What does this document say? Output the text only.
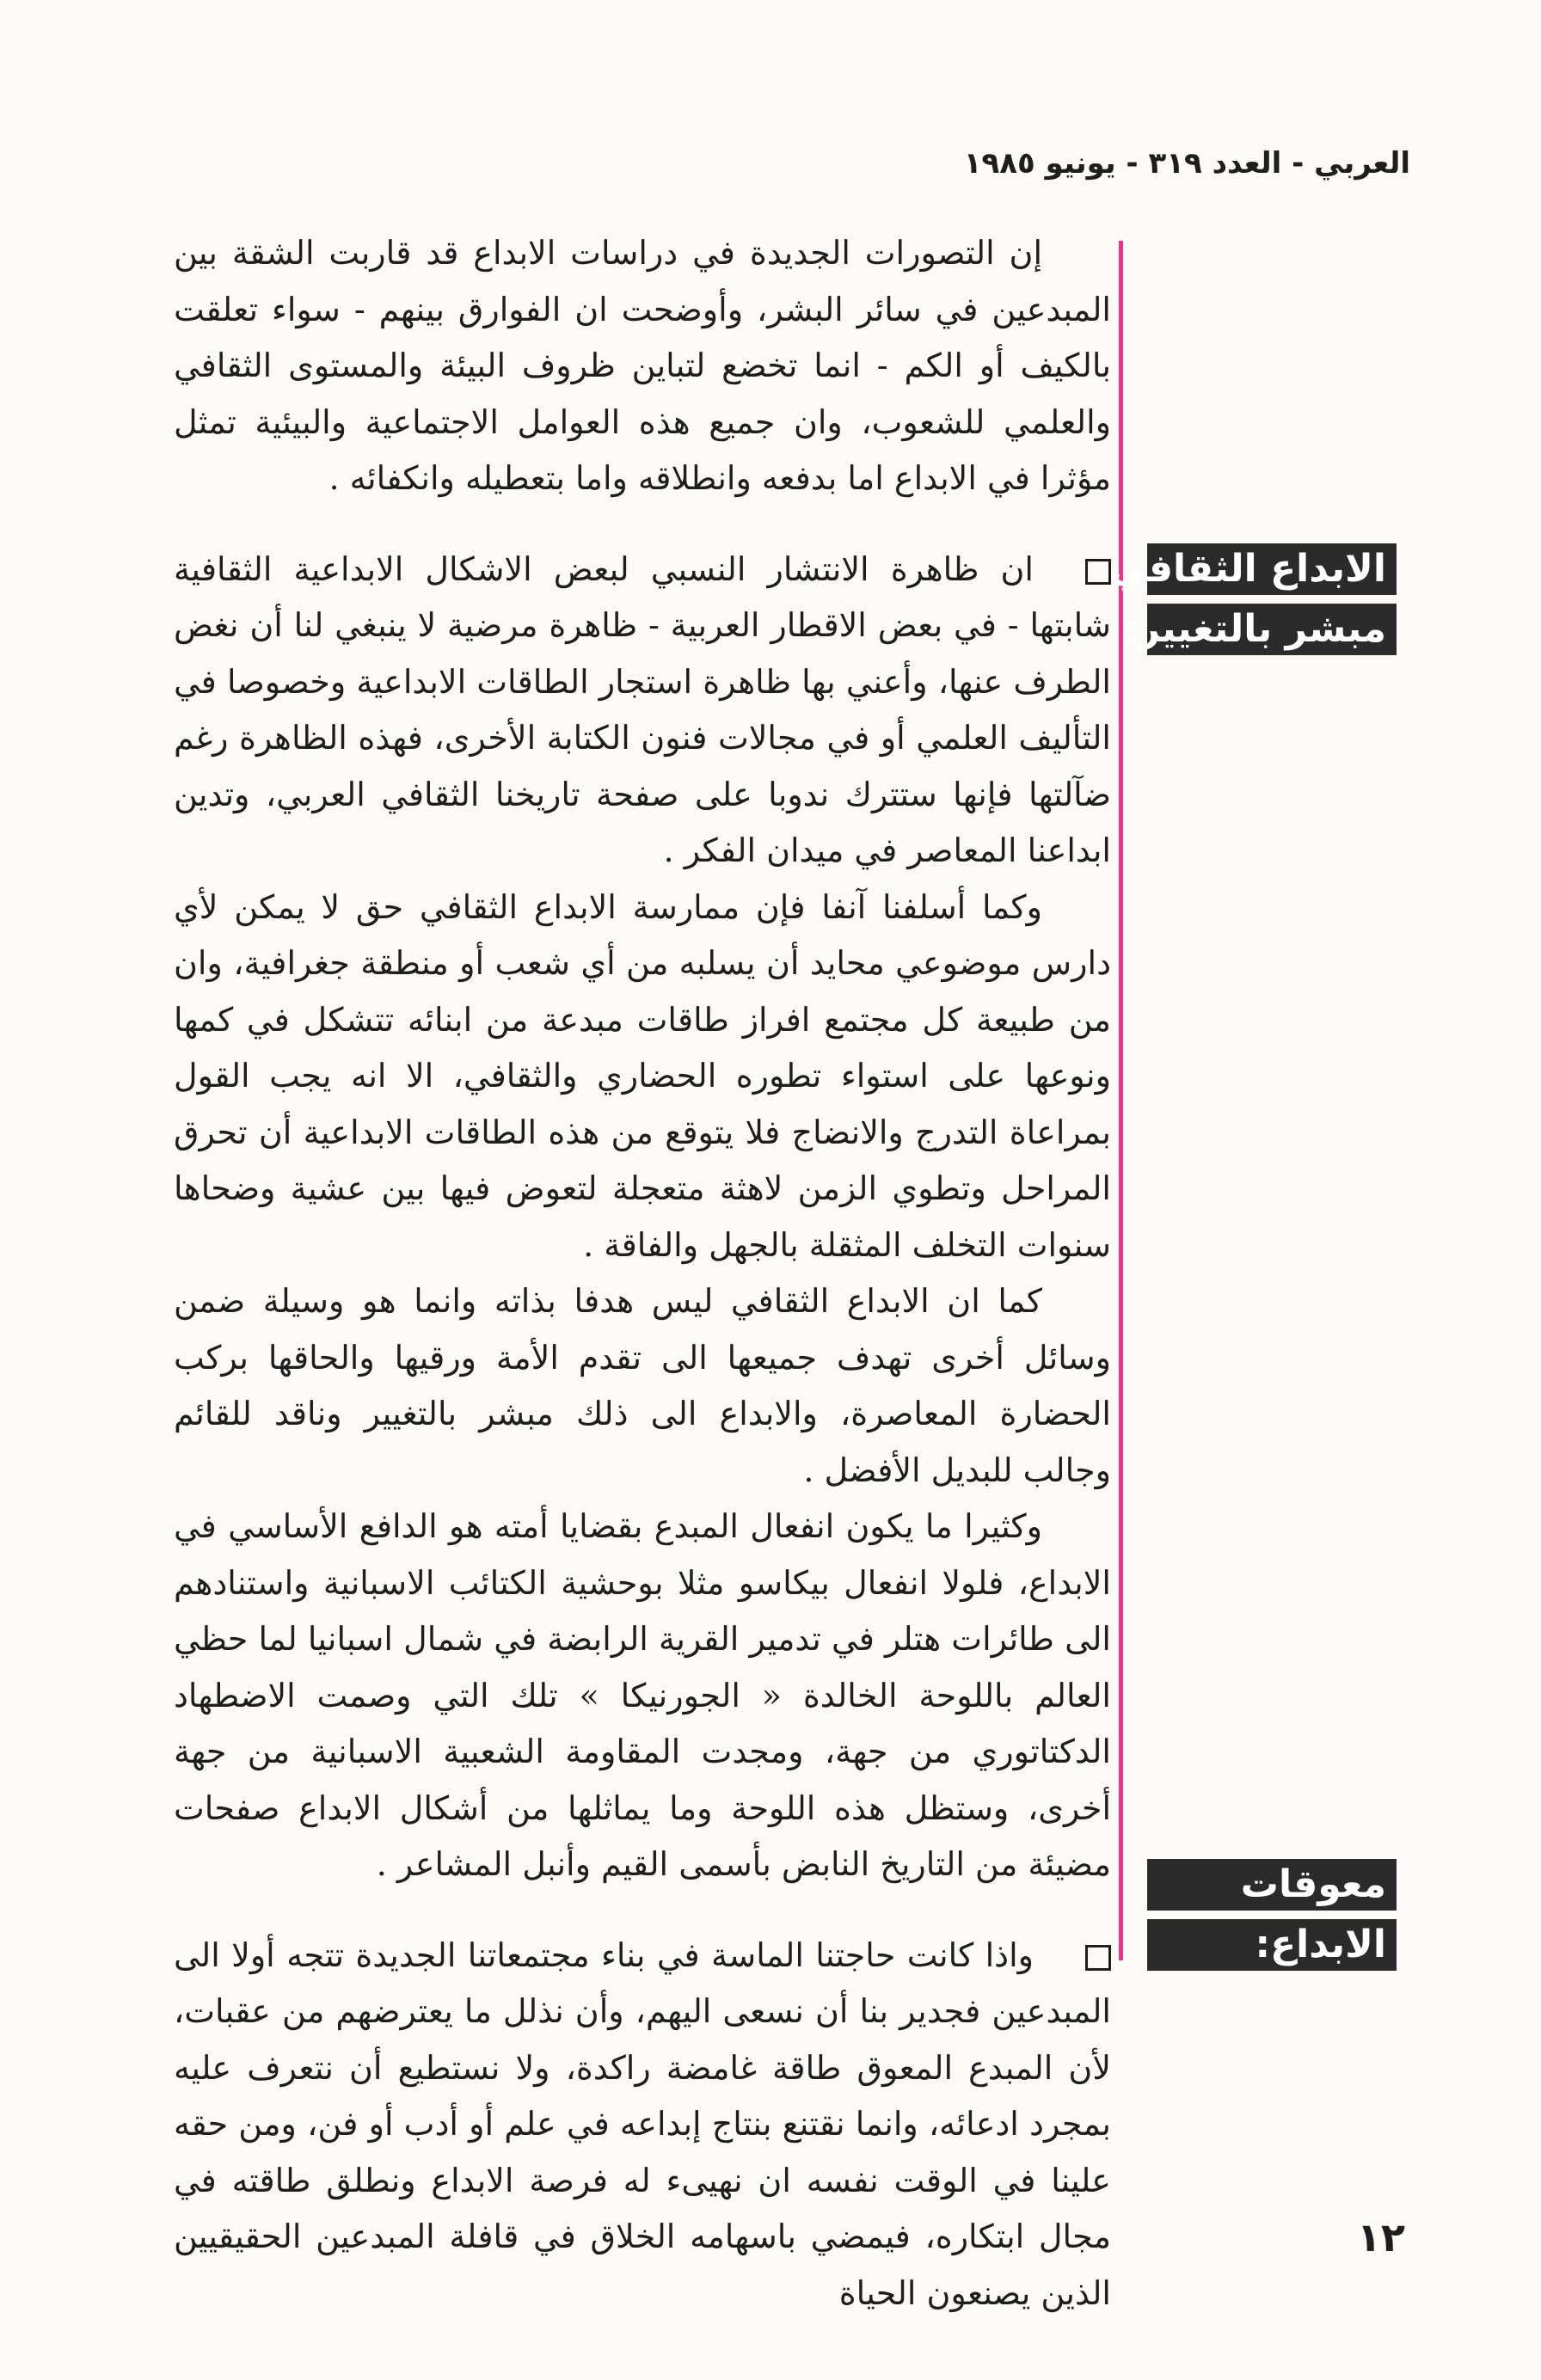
العربي - العدد ٣١٩ - يونيو ١٩٨٥
الابداع الثقافي
مبشر بالتغيير:
معوقات
الابداع:

إن التصورات الجديدة في دراسات الابداع قد قاربت الشقة بين المبدعين في سائر البشر، وأوضحت ان الفوارق بينهم - سواء تعلقت بالكيف أو الكم - انما تخضع لتباين ظروف البيئة والمستوى الثقافي والعلمي للشعوب، وان جميع هذه العوامل الاجتماعية والبيئية تمثل مؤثرا في الابداع اما بدفعه وانطلاقه واما بتعطيله وانكفائه .

ان ظاهرة الانتشار النسبي لبعض الاشكال الابداعية الثقافية شابتها - في بعض الاقطار العربية - ظاهرة مرضية لا ينبغي لنا أن نغض الطرف عنها، وأعني بها ظاهرة استجار الطاقات الابداعية وخصوصا في التأليف العلمي أو في مجالات فنون الكتابة الأخرى، فهذه الظاهرة رغم ضآلتها فإنها ستترك ندوبا على صفحة تاريخنا الثقافي العربي، وتدين ابداعنا المعاصر في ميدان الفكر .

وكما أسلفنا آنفا فإن ممارسة الابداع الثقافي حق لا يمكن لأي دارس موضوعي محايد أن يسلبه من أي شعب أو منطقة جغرافية، وان من طبيعة كل مجتمع افراز طاقات مبدعة من ابنائه تتشكل في كمها ونوعها على استواء تطوره الحضاري والثقافي، الا انه يجب القول بمراعاة التدرج والانضاج فلا يتوقع من هذه الطاقات الابداعية أن تحرق المراحل وتطوي الزمن لاهثة متعجلة لتعوض فيها بين عشية وضحاها سنوات التخلف المثقلة بالجهل والفاقة .

كما ان الابداع الثقافي ليس هدفا بذاته وانما هو وسيلة ضمن وسائل أخرى تهدف جميعها الى تقدم الأمة ورقيها والحاقها بركب الحضارة المعاصرة، والابداع الى ذلك مبشر بالتغيير وناقد للقائم وجالب للبديل الأفضل .

وكثيرا ما يكون انفعال المبدع بقضايا أمته هو الدافع الأساسي في الابداع، فلولا انفعال بيكاسو مثلا بوحشية الكتائب الاسبانية واستنادهم الى طائرات هتلر في تدمير القرية الرابضة في شمال اسبانيا لما حظي العالم باللوحة الخالدة « الجورنيكا » تلك التي وصمت الاضطهاد الدكتاتوري من جهة، ومجدت المقاومة الشعبية الاسبانية من جهة أخرى، وستظل هذه اللوحة وما يماثلها من أشكال الابداع صفحات مضيئة من التاريخ النابض بأسمى القيم وأنبل المشاعر .

واذا كانت حاجتنا الماسة في بناء مجتمعاتنا الجديدة تتجه أولا الى المبدعين فجدير بنا أن نسعى اليهم، وأن نذلل ما يعترضهم من عقبات، لأن المبدع المعوق طاقة غامضة راكدة، ولا نستطيع أن نتعرف عليه بمجرد ادعائه، وانما نقتنع بنتاج إبداعه في علم أو أدب أو فن، ومن حقه علينا في الوقت نفسه ان نهيىء له فرصة الابداع ونطلق طاقته في مجال ابتكاره، فيمضي باسهامه الخلاق في قافلة المبدعين الحقيقيين الذين يصنعون الحياة

١٢
